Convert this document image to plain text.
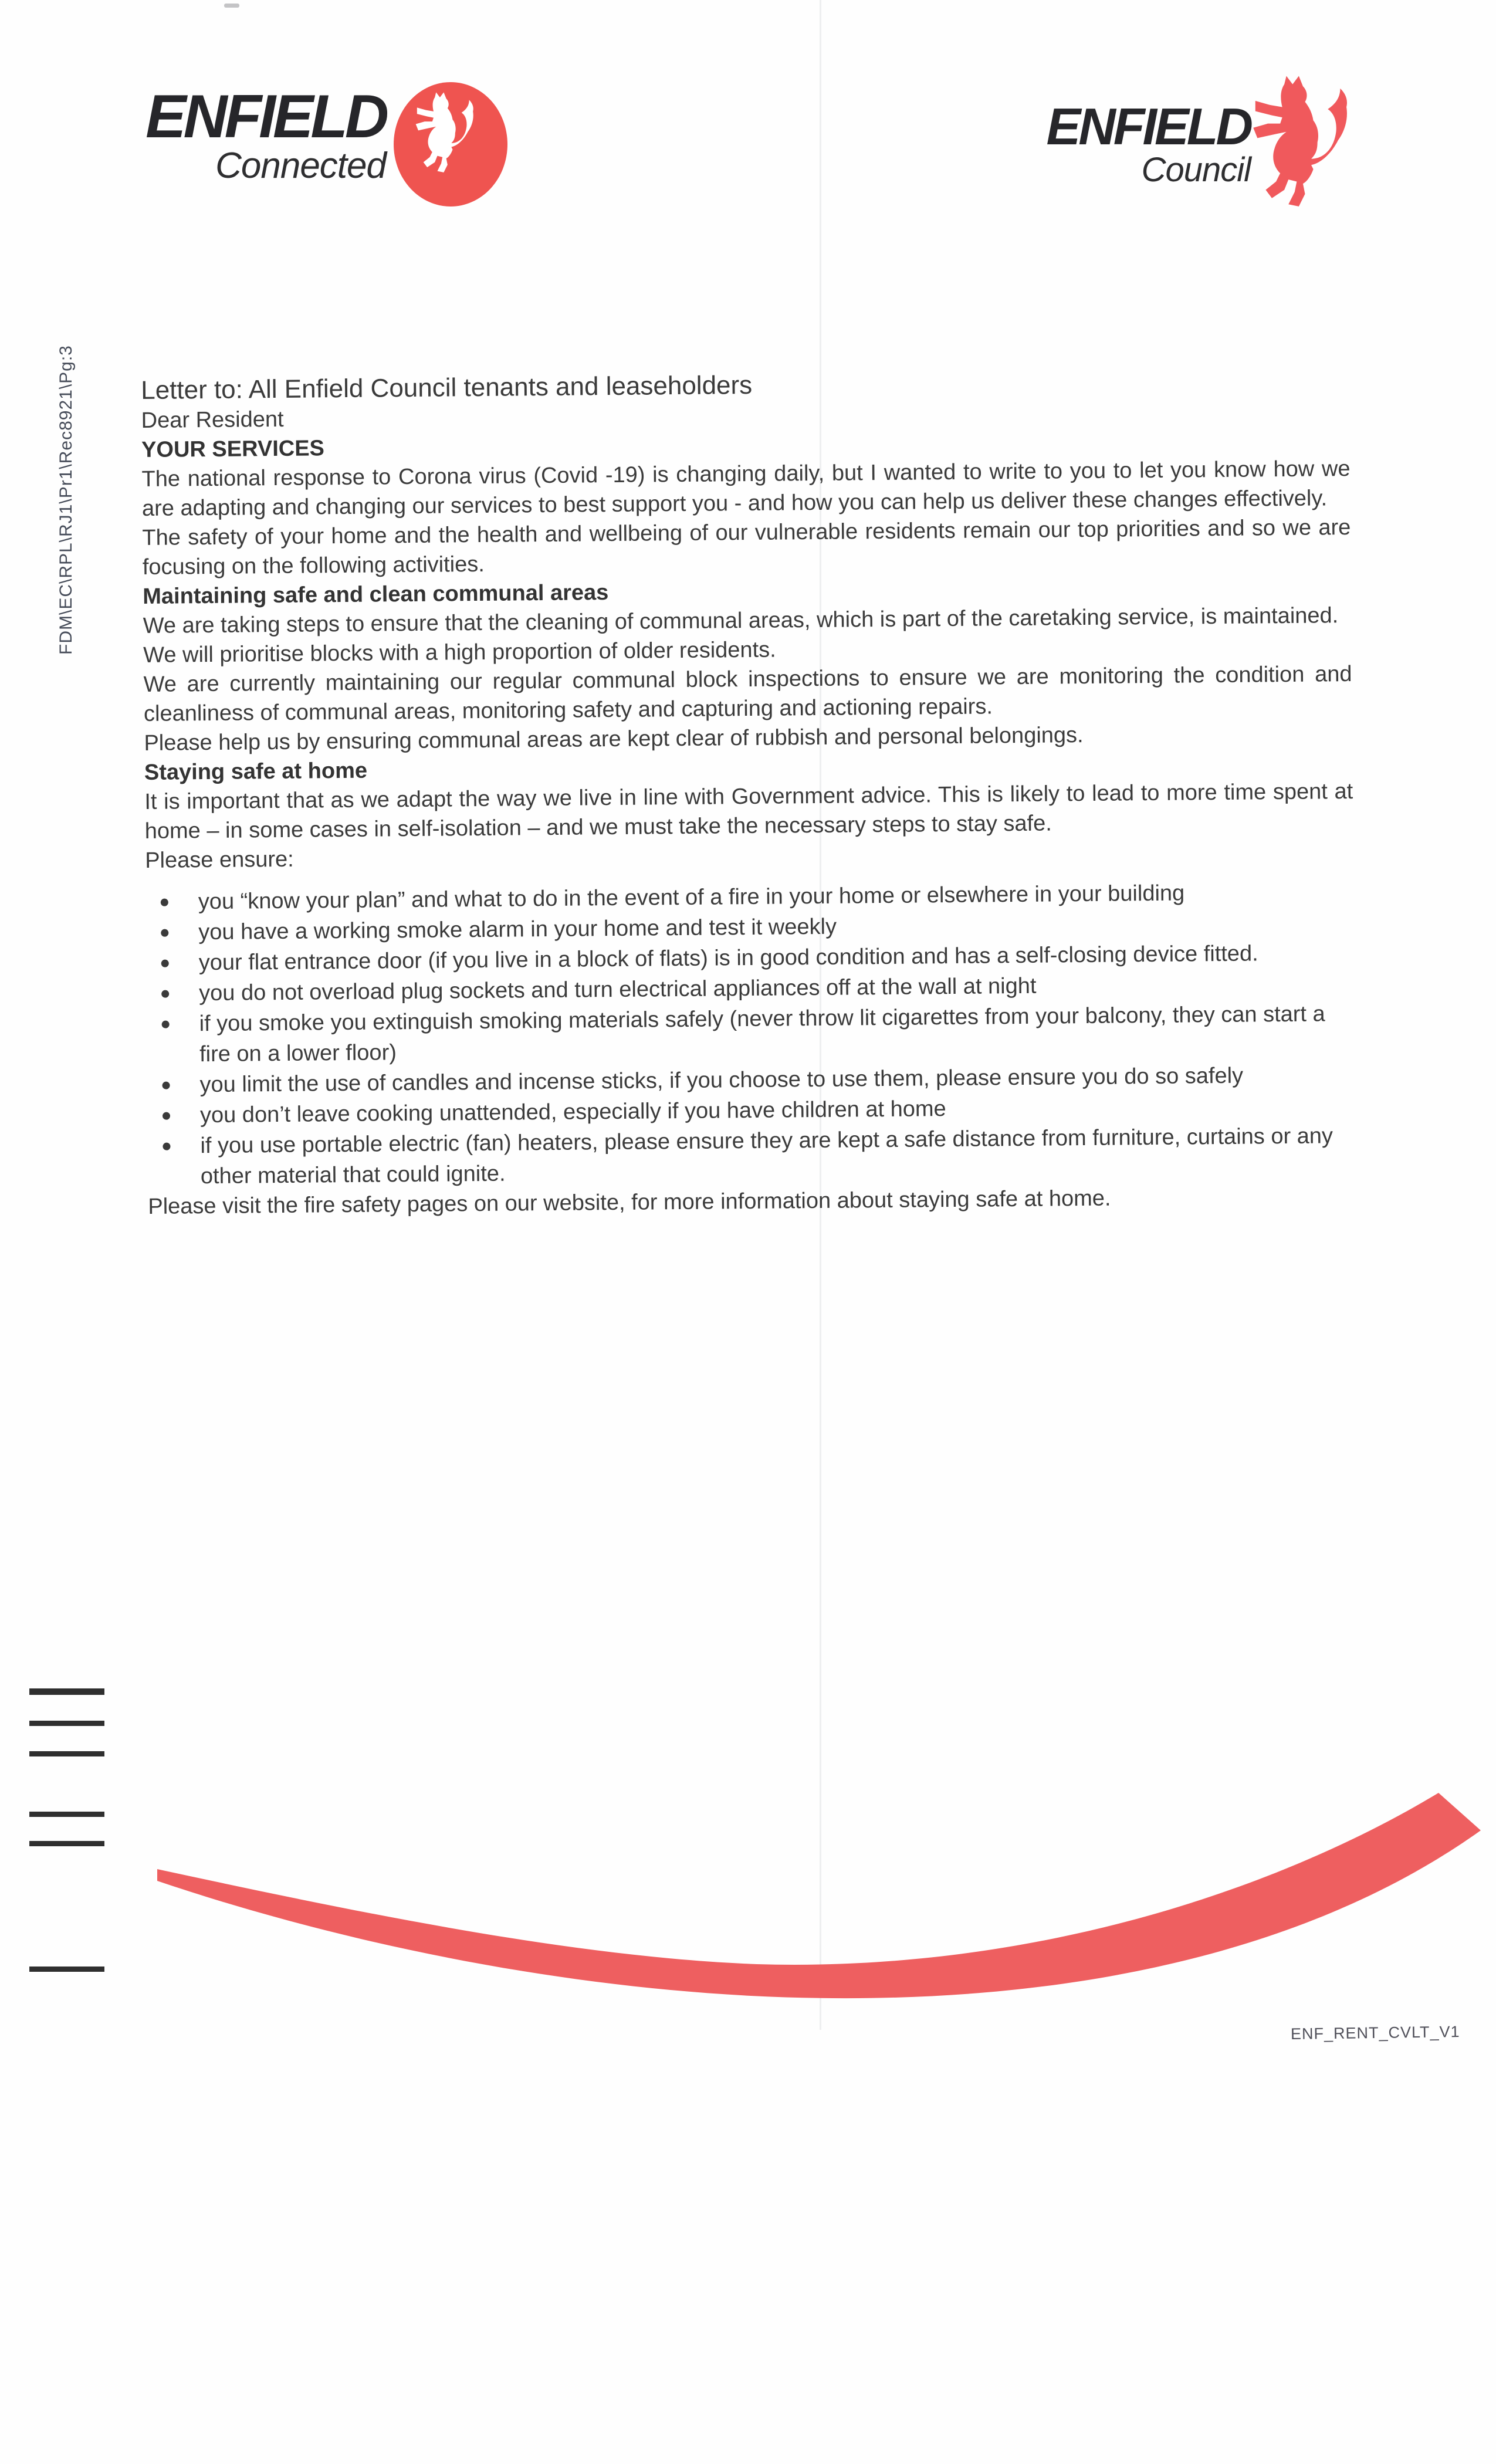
ENFIELD
Connected
ENFIELD
Council
FDM\EC\RPL\RJ1\Pr1\Rec8921\Pg:3	Letter to: All Enfield Council tenants and leaseholders

Dear Resident

YOUR SERVICES

The national response to Corona virus (Covid -19) is changing daily, but I wanted to write to you to let you know how we are adapting and changing our services to best support you - and how you can help us deliver these changes effectively.

The safety of your home and the health and wellbeing of our vulnerable residents remain our top priorities and so we are focusing on the following activities.

Maintaining safe and clean communal areas

We are taking steps to ensure that the cleaning of communal areas, which is part of the caretaking service, is maintained.

We will prioritise blocks with a high proportion of older residents.

We are currently maintaining our regular communal block inspections to ensure we are monitoring the condition and cleanliness of communal areas, monitoring safety and capturing and actioning repairs.

Please help us by ensuring communal areas are kept clear of rubbish and personal belongings.

Staying safe at home

It is important that as we adapt the way we live in line with Government advice. This is likely to lead to more time spent at home – in some cases in self-isolation – and we must take the necessary steps to stay safe.

Please ensure:

you “know your plan” and what to do in the event of a fire in your home or elsewhere in your building
you have a working smoke alarm in your home and test it weekly
your flat entrance door (if you live in a block of flats) is in good condition and has a self-closing device fitted.
you do not overload plug sockets and turn electrical appliances off at the wall at night
if you smoke you extinguish smoking materials safely (never throw lit cigarettes from your balcony, they can start a fire on a lower floor)
you limit the use of candles and incense sticks, if you choose to use them, please ensure you do so safely
you don’t leave cooking unattended, especially if you have children at home
if you use portable electric (fan) heaters, please ensure they are kept a safe distance from furniture, curtains or any other material that could ignite.

Please visit the fire safety pages on our website, for more information about staying safe at home.

ENF_RENT_CVLT_V1
